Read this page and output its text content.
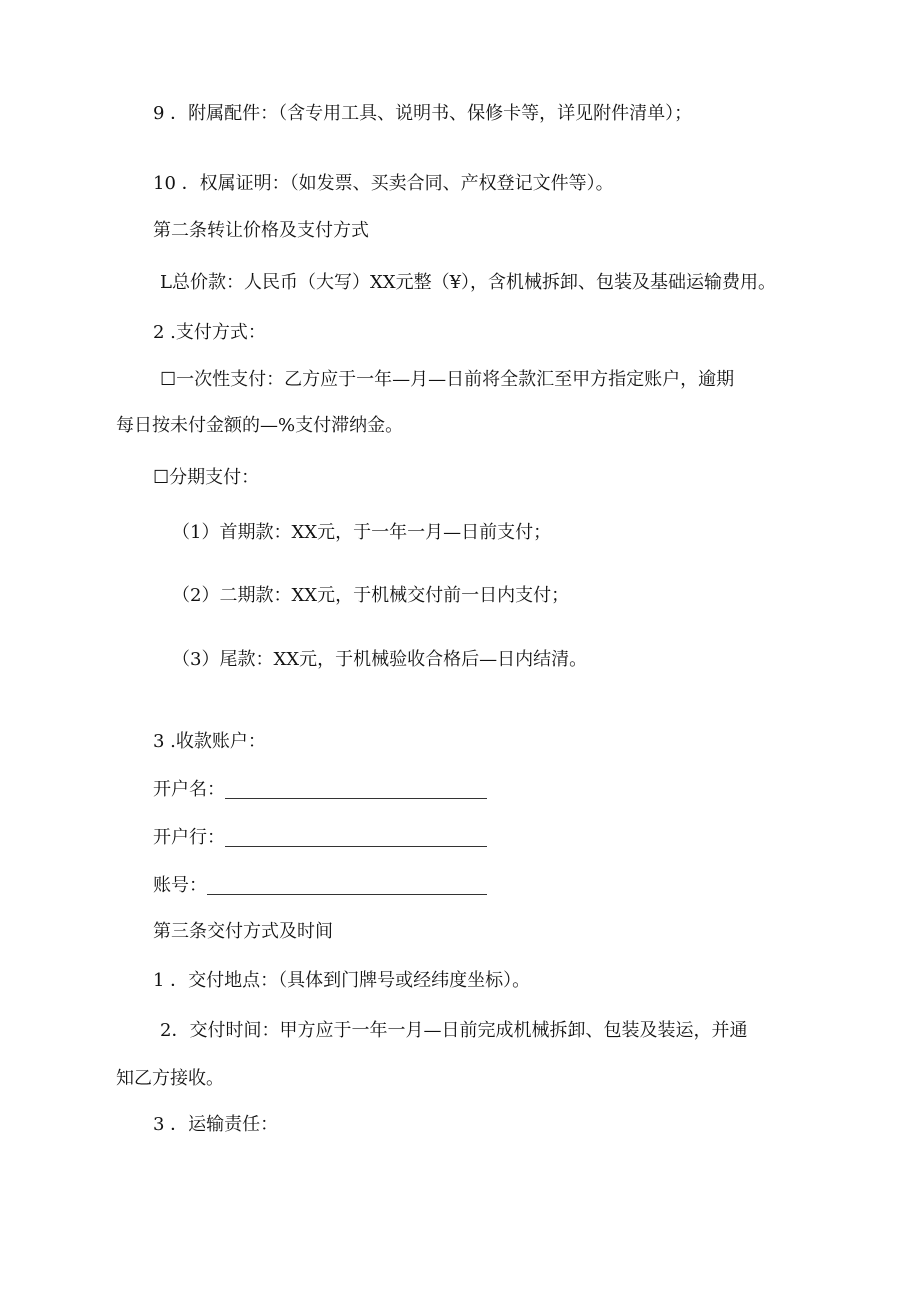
9 ．附属配件：（含专用工具、说明书、保修卡等，详见附件清单）；

10 ．权属证明：（如发票、买卖合同、产权登记文件等）。

第二条转让价格及支付方式

L总价款：人民币（大写）XX元整（¥），含机械拆卸、包装及基础运输费用。

2 .支付方式：

☐一次性支付：乙方应于一年—月—日前将全款汇至甲方指定账户，逾期

每日按未付金额的—%支付滞纳金。

☐分期支付：

（1）首期款：XX元，于一年一月—日前支付；

（2）二期款：XX元，于机械交付前一日内支付；

（3）尾款：XX元，于机械验收合格后—日内结清。

3 .收款账户：

开户名：

开户行：

账号：

第三条交付方式及时间

1 ．交付地点：（具体到门牌号或经纬度坐标）。

2．交付时间：甲方应于一年一月—日前完成机械拆卸、包装及装运，并通

知乙方接收。

3 ．运输责任：
